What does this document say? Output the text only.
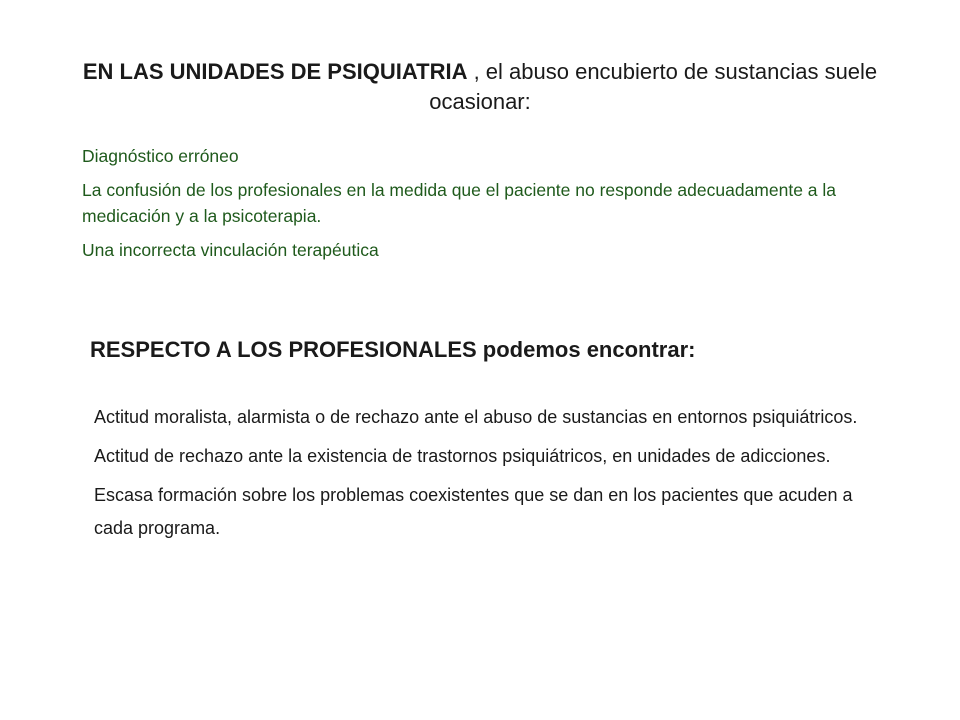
EN LAS UNIDADES DE PSIQUIATRIA , el abuso encubierto de sustancias suele ocasionar:
Diagnóstico erróneo
La confusión de los profesionales en la medida que el paciente no responde adecuadamente a la medicación y a la psicoterapia.
Una incorrecta vinculación terapéutica
RESPECTO A LOS PROFESIONALES podemos encontrar:
Actitud moralista, alarmista o de rechazo ante el abuso de sustancias en entornos psiquiátricos.
Actitud de rechazo ante la existencia de trastornos psiquiátricos, en unidades de adicciones.
Escasa formación sobre los problemas coexistentes que se dan en los pacientes que acuden a cada programa.
